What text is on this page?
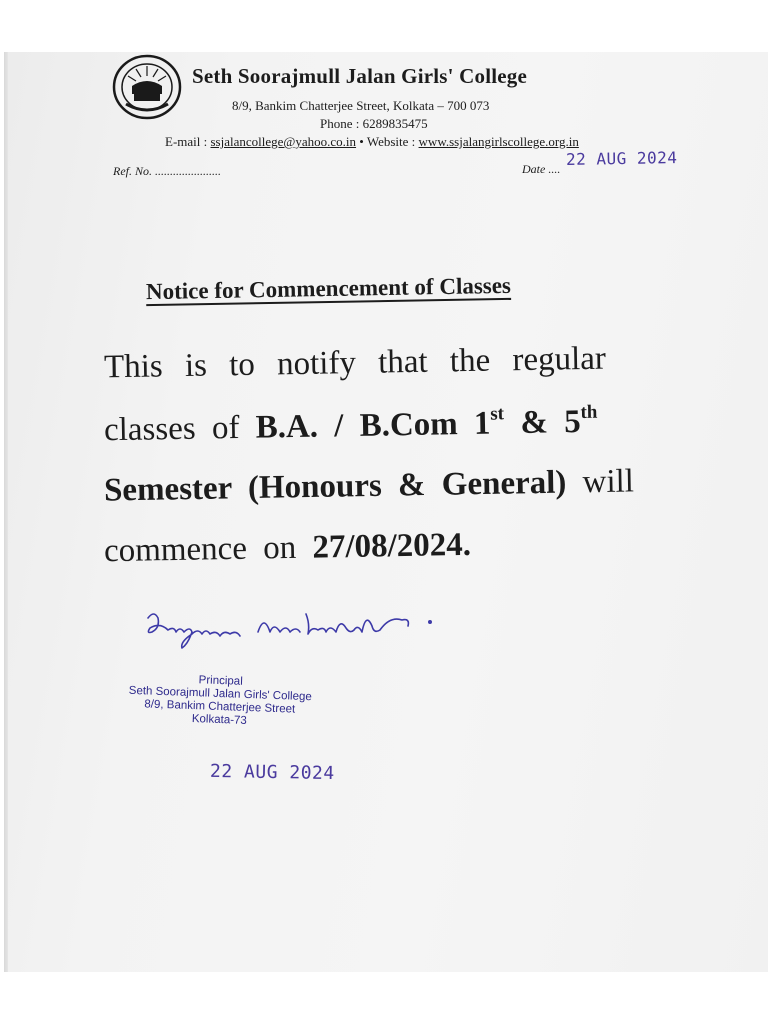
Seth Soorajmull Jalan Girls' College
8/9, Bankim Chatterjee Street, Kolkata – 700 073
Phone : 6289835475
E-mail : ssjalancollege@yahoo.co.in • Website : www.ssjalangirlscollege.org.in
Ref. No. ......................	Date ....
22 AUG 2024
Notice for Commencement of Classes
This is to notify that the regular
classes of B.A. / B.Com 1st & 5th
Semester (Honours & General) will
commence on 27/08/2024.
Principal
Seth Soorajmull Jalan Girls' College
8/9, Bankim Chatterjee Street
Kolkata-73
22 AUG 2024
